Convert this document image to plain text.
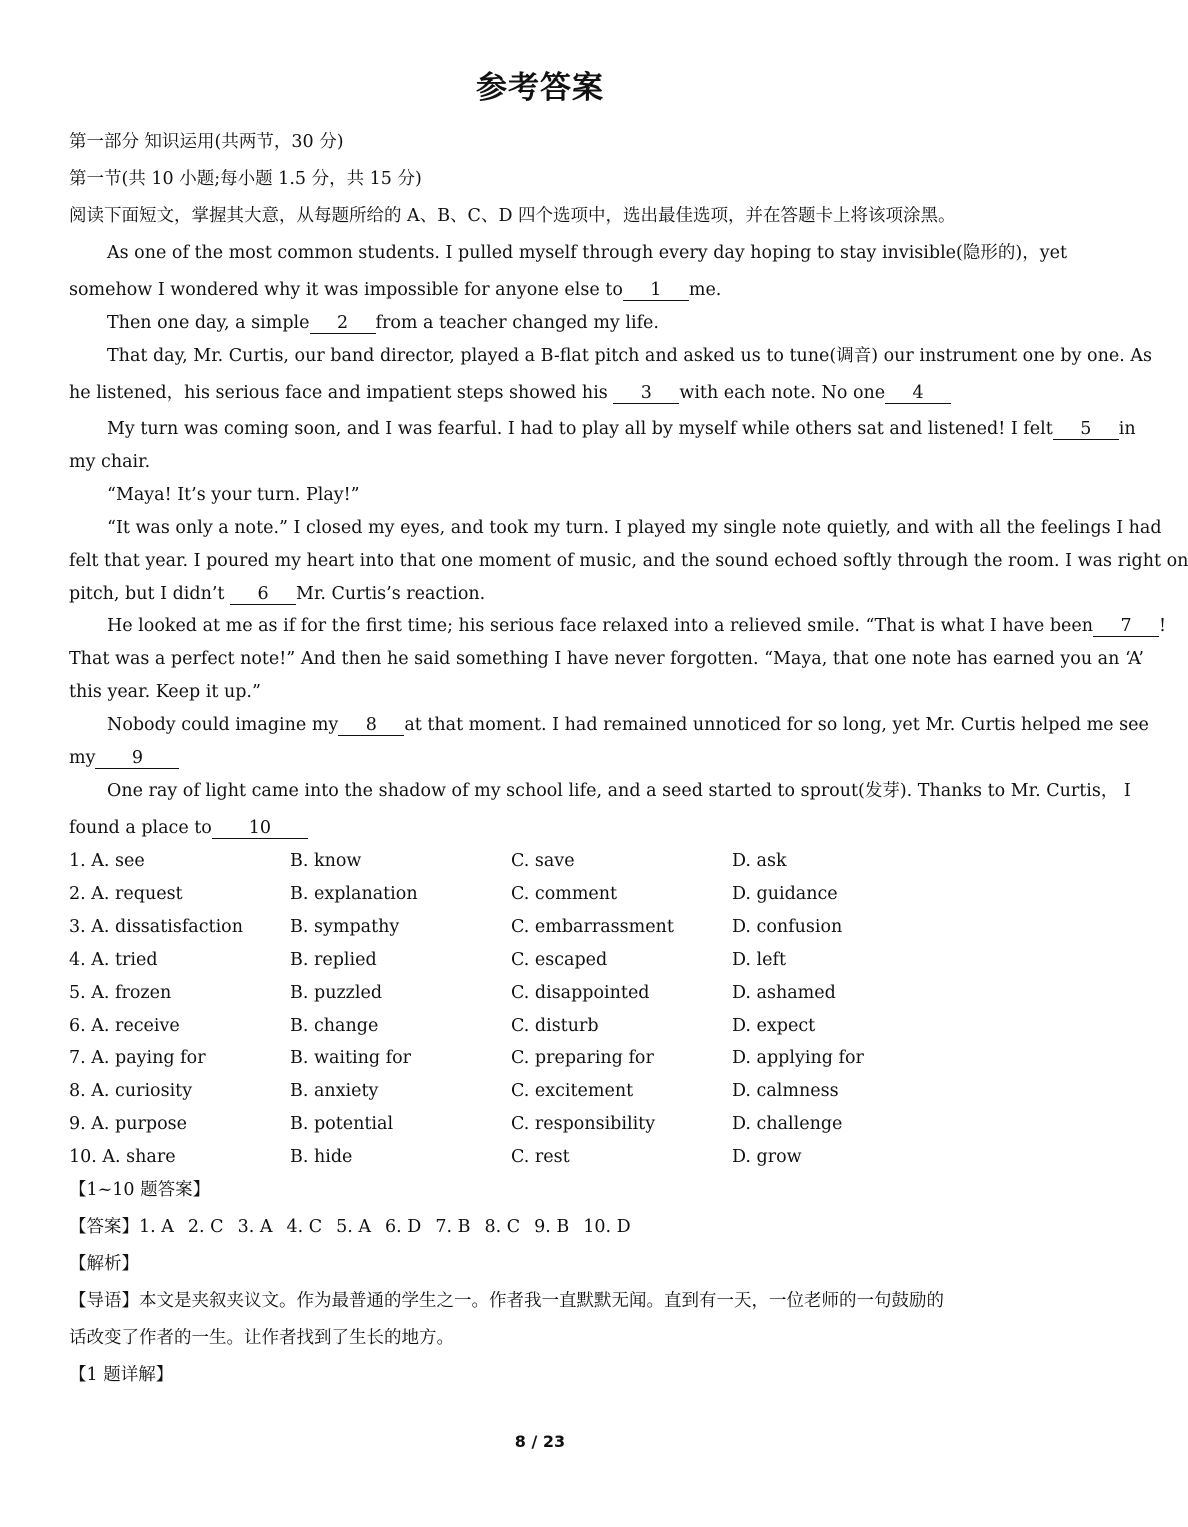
参考答案
第一部分 知识运用(共两节，30 分)
第一节(共 10 小题;每小题 1.5 分，共 15 分)
阅读下面短文，掌握其大意，从每题所给的 A、B、C、D 四个选项中，选出最佳选项，并在答题卡上将该项涂黑。
As one of the most common students. I pulled myself through every day hoping to stay invisible(隐形的)，yet
somehow I wondered why it was impossible for anyone else to 1 me.
Then one day, a simple 2 from a teacher changed my life.
That day, Mr. Curtis, our band director, played a B-flat pitch and asked us to tune(调音) our instrument one by one. As
he listened，his serious face and impatient steps showed his 3 with each note. No one 4
My turn was coming soon, and I was fearful. I had to play all by myself while others sat and listened! I felt 5 in
my chair.
“Maya! It’s your turn. Play!”
“It was only a note.” I closed my eyes, and took my turn. I played my single note quietly, and with all the feelings I had
felt that year. I poured my heart into that one moment of music, and the sound echoed softly through the room. I was right on
pitch, but I didn’t 6 Mr. Curtis’s reaction.
He looked at me as if for the first time; his serious face relaxed into a relieved smile. “That is what I have been 7 !
That was a perfect note!” And then he said something I have never forgotten. “Maya, that one note has earned you an ‘A’
this year. Keep it up.”
Nobody could imagine my 8 at that moment. I had remained unnoticed for so long, yet Mr. Curtis helped me see
my 9
One ray of light came into the shadow of my school life, and a seed started to sprout(发芽). Thanks to Mr. Curtis， I
found a place to 10
1. A. see	B. know	C. save	D. ask
2. A. request	B. explanation	C. comment	D. guidance
3. A. dissatisfaction	B. sympathy	C. embarrassment	D. confusion
4. A. tried	B. replied	C. escaped	D. left
5. A. frozen	B. puzzled	C. disappointed	D. ashamed
6. A. receive	B. change	C. disturb	D. expect
7. A. paying for	B. waiting for	C. preparing for	D. applying for
8. A. curiosity	B. anxiety	C. excitement	D. calmness
9. A. purpose	B. potential	C. responsibility	D. challenge
10. A. share	B. hide	C. rest	D. grow
【1~10 题答案】
【答案】1. A 2. C 3. A 4. C 5. A 6. D 7. B 8. C 9. B 10. D
【解析】
【导语】本文是夹叙夹议文。作为最普通的学生之一。作者我一直默默无闻。直到有一天，一位老师的一句鼓励的
话改变了作者的一生。让作者找到了生长的地方。
【1 题详解】
8 / 23
